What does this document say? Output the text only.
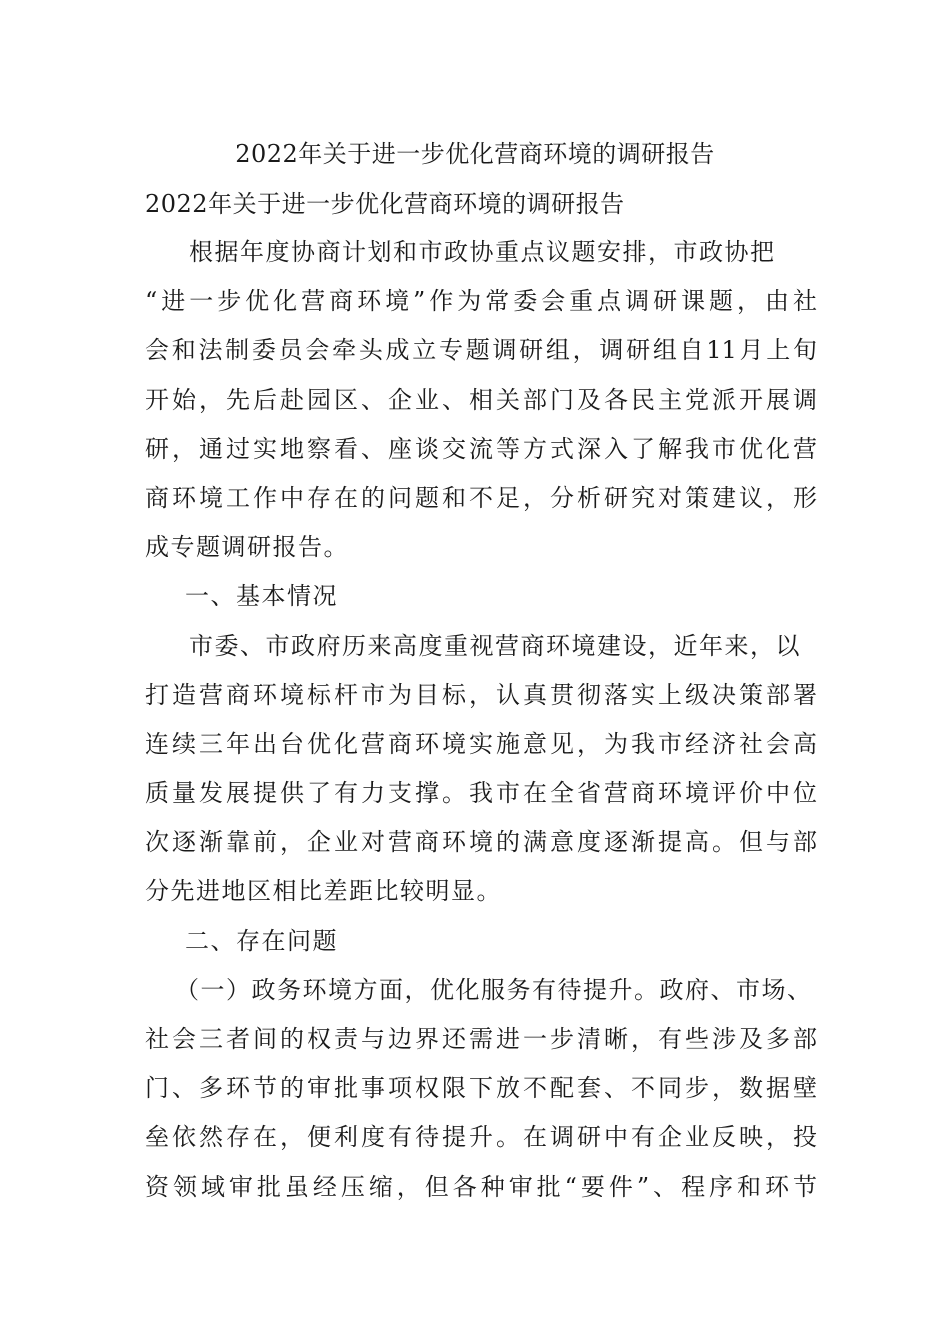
2022年关于进一步优化营商环境的调研报告
2022年关于进一步优化营商环境的调研报告
根据年度协商计划和市政协重点议题安排，市政协把
“进一步优化营商环境”作为常委会重点调研课题，由社
会和法制委员会牵头成立专题调研组，调研组自11月上旬
开始，先后赴园区、企业、相关部门及各民主党派开展调
研，通过实地察看、座谈交流等方式深入了解我市优化营
商环境工作中存在的问题和不足，分析研究对策建议，形
成专题调研报告。
一、基本情况
市委、市政府历来高度重视营商环境建设，近年来，以
打造营商环境标杆市为目标，认真贯彻落实上级决策部署
连续三年出台优化营商环境实施意见，为我市经济社会高
质量发展提供了有力支撑。我市在全省营商环境评价中位
次逐渐靠前，企业对营商环境的满意度逐渐提高。但与部
分先进地区相比差距比较明显。
二、存在问题
（一）政务环境方面，优化服务有待提升。政府、市场、
社会三者间的权责与边界还需进一步清晰，有些涉及多部
门、多环节的审批事项权限下放不配套、不同步，数据壁
垒依然存在，便利度有待提升。在调研中有企业反映，投
资领域审批虽经压缩，但各种审批“要件”、程序和环节
